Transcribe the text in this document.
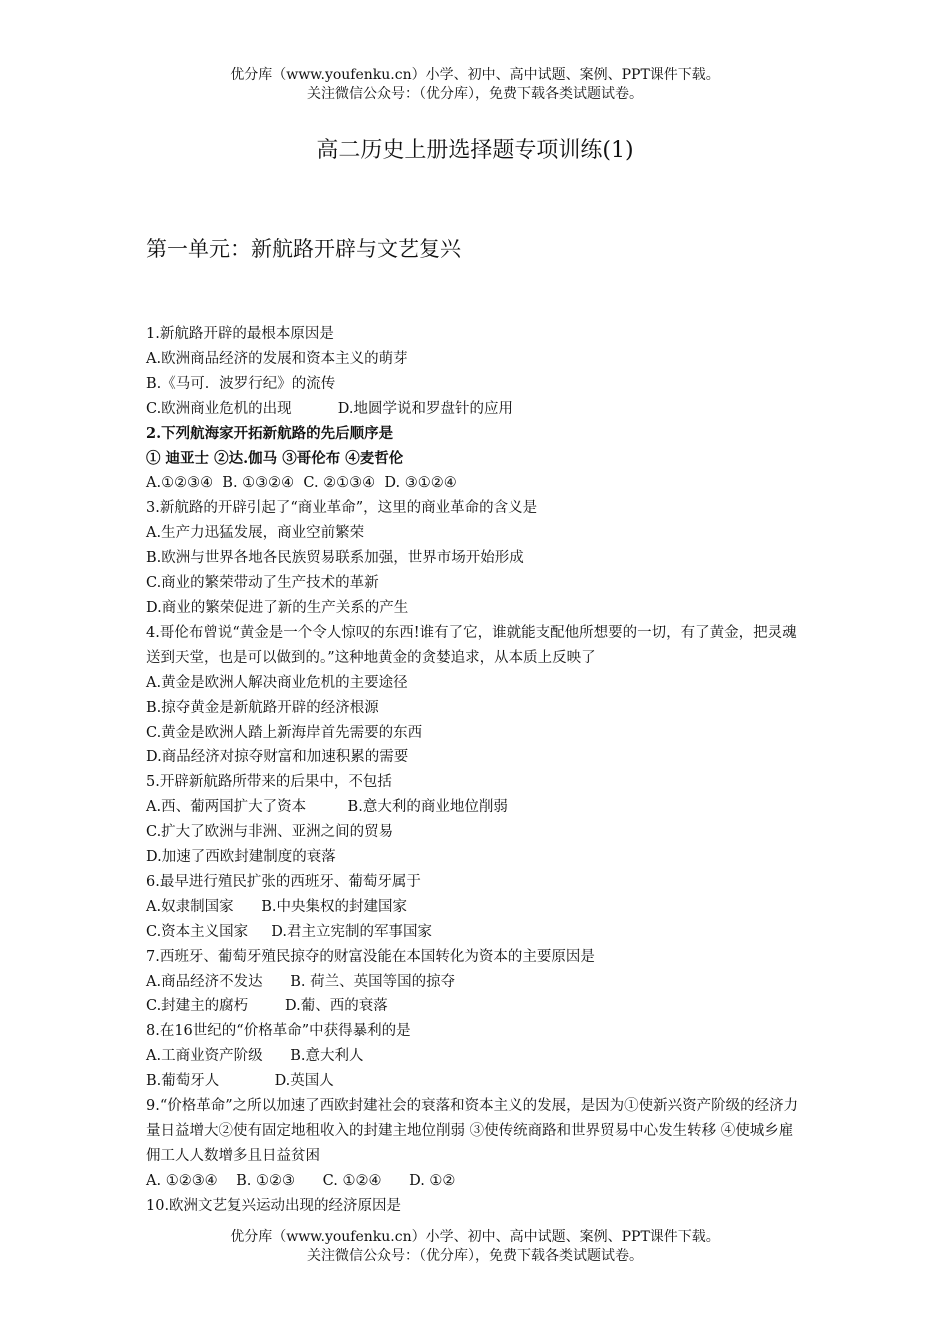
优分库（www.youfenku.cn）小学、初中、高中试题、案例、PPT课件下载。
关注微信公众号：（优分库），免费下载各类试题试卷。
高二历史上册选择题专项训练(1)
第一单元：新航路开辟与文艺复兴
1.新航路开辟的最根本原因是
A.欧洲商品经济的发展和资本主义的萌芽
B.《马可．波罗行纪》的流传
C.欧洲商业危机的出现          D.地圆学说和罗盘针的应用
2.下列航海家开拓新航路的先后顺序是
① 迪亚士 ②达.伽马 ③哥伦布 ④麦哲伦
A.①②③④  B. ①③②④  C. ②①③④  D. ③①②④
3.新航路的开辟引起了“商业革命”，这里的商业革命的含义是
A.生产力迅猛发展，商业空前繁荣
B.欧洲与世界各地各民族贸易联系加强，世界市场开始形成
C.商业的繁荣带动了生产技术的革新
D.商业的繁荣促进了新的生产关系的产生
4.哥伦布曾说“黄金是一个令人惊叹的东西!谁有了它，谁就能支配他所想要的一切，有了黄金，把灵魂送到天堂，也是可以做到的。”这种地黄金的贪婪追求，从本质上反映了
A.黄金是欧洲人解决商业危机的主要途径
B.掠夺黄金是新航路开辟的经济根源
C.黄金是欧洲人踏上新海岸首先需要的东西
D.商品经济对掠夺财富和加速积累的需要
5.开辟新航路所带来的后果中，不包括
A.西、葡两国扩大了资本         B.意大利的商业地位削弱
C.扩大了欧洲与非洲、亚洲之间的贸易
D.加速了西欧封建制度的衰落
6.最早进行殖民扩张的西班牙、葡萄牙属于
A.奴隶制国家      B.中央集权的封建国家
C.资本主义国家     D.君主立宪制的军事国家
7.西班牙、葡萄牙殖民掠夺的财富没能在本国转化为资本的主要原因是
A.商品经济不发达      B. 荷兰、英国等国的掠夺
C.封建主的腐朽        D.葡、西的衰落
8.在16世纪的“价格革命”中获得暴利的是
A.工商业资产阶级      B.意大利人
B.葡萄牙人            D.英国人
9.“价格革命”之所以加速了西欧封建社会的衰落和资本主义的发展，是因为①使新兴资产阶级的经济力量日益增大②使有固定地租收入的封建主地位削弱 ③使传统商路和世界贸易中心发生转移 ④使城乡雇佣工人人数增多且日益贫困
A. ①②③④    B. ①②③      C. ①②④      D. ①②
10.欧洲文艺复兴运动出现的经济原因是
优分库（www.youfenku.cn）小学、初中、高中试题、案例、PPT课件下载。
关注微信公众号：（优分库），免费下载各类试题试卷。
